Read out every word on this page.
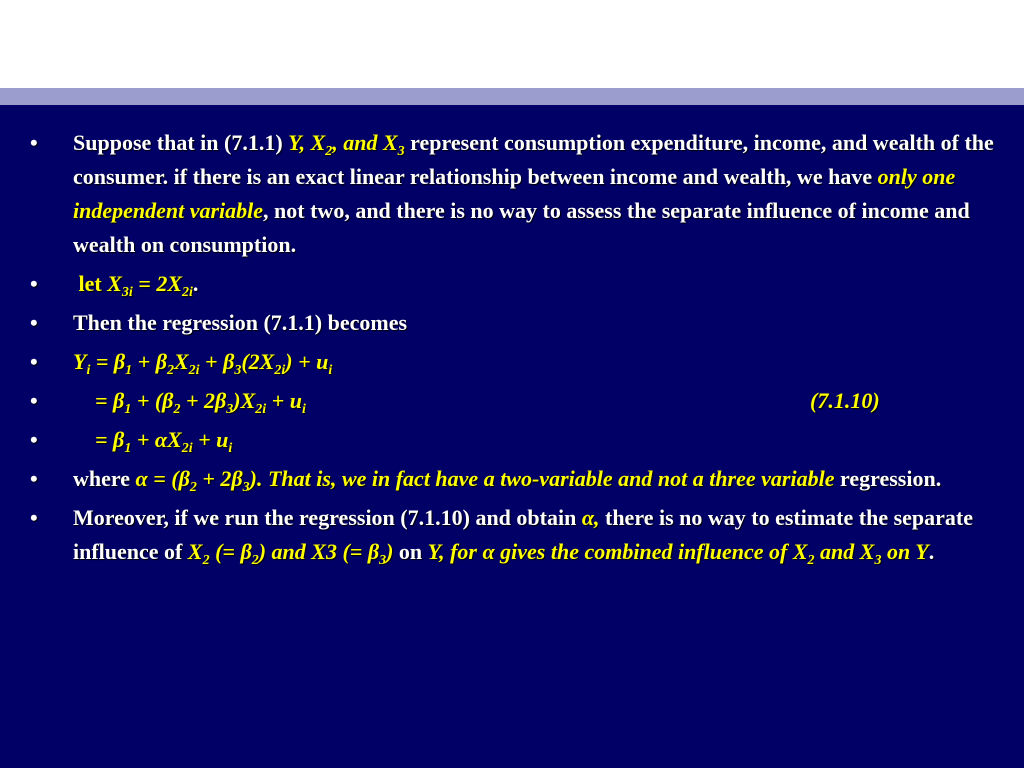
•	Suppose that in (7.1.1) Y, $X_2$, and $X_3$ represent consumption expenditure, income, and wealth of the consumer. if there is an exact linear relationship between income and wealth, we have only one independent variable, not two, and there is no way to assess the separate influence of income and wealth on consumption.
•	let $X_{3i} = 2X_{2i}$.
•	Then the regression (7.1.1) becomes
•	$Y_i = \beta_1 + \beta_2X_{2i} + \beta_3(2X_{2i}) + u_i$
•	= $\beta_1 + (\beta_2 + 2\beta_3)X_{2i} + u_i$	(7.1.10)
•	= $\beta_1 + \alpha X_{2i} + u_i$
•	where $\alpha = (\beta_2 + 2\beta_3)$. That is, we in fact have a two-variable and not a three variable regression.
•	Moreover, if we run the regression (7.1.10) and obtain α, there is no way to estimate the separate influence of $X_2$ (= $\beta_2$) and X3 (= $\beta_3$) on Y, for α gives the combined influence of $X_2$ and $X_3$ on Y.
